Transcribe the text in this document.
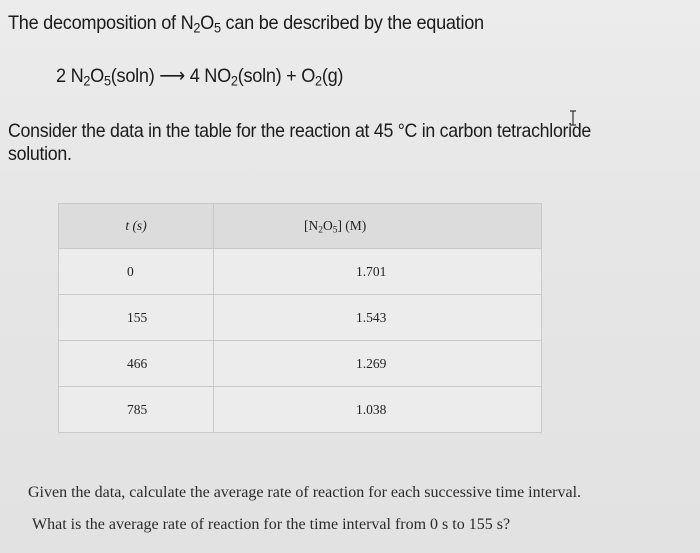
The decomposition of $N_2O_5$ can be described by the equation
2 $N_2O_5(soln)$ ⟶ 4 $NO_2(soln) + O_2(g)$
Consider the data in the table for the reaction at 45 °C in carbon tetrachloride solution.
t (s)	$[N_2O_5]$ (M)
0	1.701
155	1.543
466	1.269
785	1.038
Given the data, calculate the average rate of reaction for each successive time interval.
What is the average rate of reaction for the time interval from 0 s to 155 s?
